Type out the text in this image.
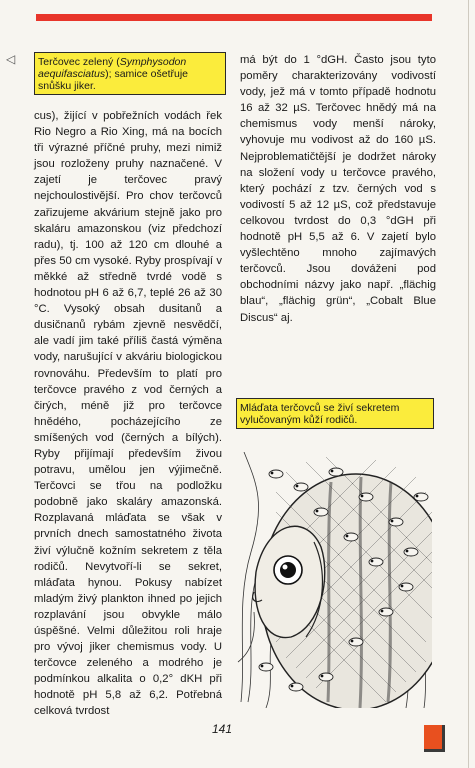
◁	Terčovec zelený (Symphysodon aequifasciatus); samice ošetřuje snůšku jiker.

cus), žijící v pobřežních vodách řek Rio Negro a Rio Xing, má na bocích tři výrazné příčné pruhy, mezi nimiž jsou rozloženy pruhy naznačené. V zajetí je terčovec pravý nejchoulostivější. Pro chov terčovců zařizujeme akvárium stejně jako pro skaláru amazonskou (viz předchozí radu), tj. 100 až 120 cm dlouhé a přes 50 cm vysoké. Ryby prospívají v měkké až středně tvrdé vodě s hodnotou pH 6 až 6,7, teplé 26 až 30 °C. Vysoký obsah dusitanů a dusičnanů rybám zjevně nesvědčí, ale vadí jim také příliš častá výměna vody, narušující v akváriu biologickou rovnováhu. Především to platí pro terčovce pravého z vod černých a čirých, méně již pro terčovce hnědého, pocházejícího ze smíšených vod (černých a bílých). Ryby přijímají především živou potravu, umělou jen výjimečně. Terčovci se třou na podložku podobně jako skaláry amazonská. Rozplavaná mláďata se však v prvních dnech samostatného života živí výlučně kožním sekretem z těla rodičů. Nevytvoří-li se sekret, mláďata hynou. Pokusy nabízet mladým živý plankton ihned po jejich rozplavání jsou obvykle málo úspěšné. Velmi důležitou roli hraje pro vývoj jiker chemismus vody. U terčovce zeleného a modrého je podmínkou alkalita o 0,2° dKH při hodnotě pH 5,8 až 6,2. Potřebná celková tvrdost

má být do 1 °dGH. Často jsou tyto poměry charakterizovány vodivostí vody, jež má v tomto případě hodnotu 16 až 32 µS. Terčovec hnědý má na chemismus vody menší nároky, vyhovuje mu vodivost až do 160 µS. Nejproblematičtější je dodržet nároky na složení vody u terčovce pravého, který pochází z tzv. černých vod s vodivostí 5 až 12 µS, což představuje celkovou tvrdost do 0,3 °dGH při hodnotě pH 5,5 až 6. V zajetí bylo vyšlechtěno mnoho zajímavých terčovců. Jsou dováženi pod obchodními názvy jako např. „flächig blau“, „flächig grün“, „Cobalt Blue Discus“ aj.

Mláďata terčovců se živí sekretem vylučovaným kůží rodičů.
141
